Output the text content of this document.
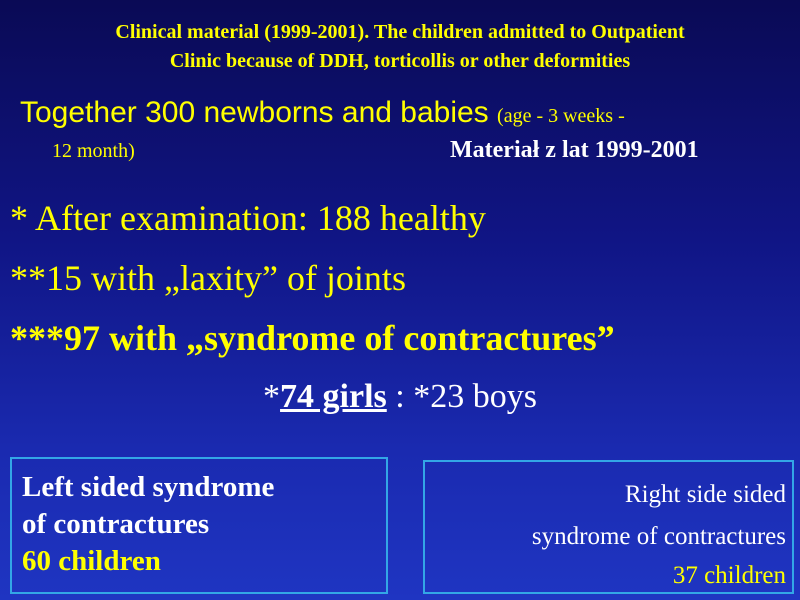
Clinical material (1999-2001). The children admitted to Outpatient
Clinic because of DDH, torticollis or other deformities
Together 300 newborns and babies (age - 3 weeks -
12 month)	Materiał z lat 1999-2001
* After examination: 188 healthy
**15 with „laxity” of joints
***97 with „syndrome of contractures”
*74 girls : *23 boys
Left sided syndrome
of contractures
60 children
Right side sided
syndrome of contractures
37 children
